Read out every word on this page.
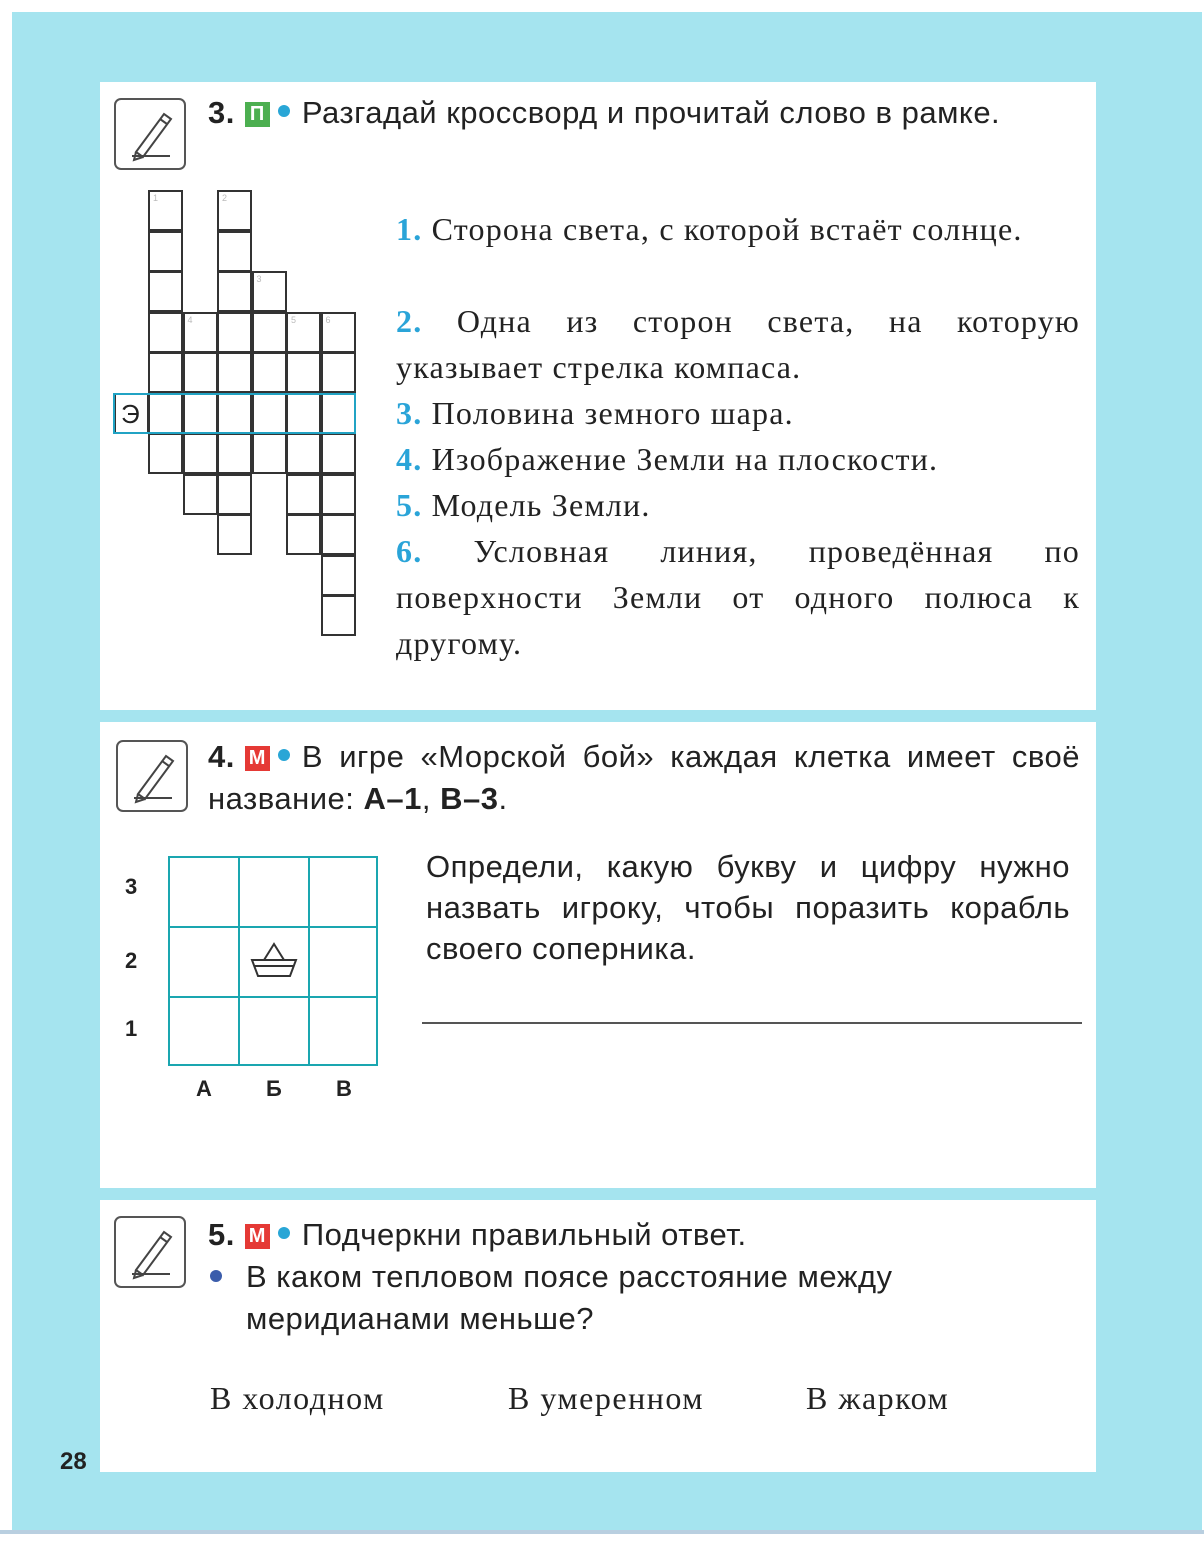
3. П Разгадай кроссворд и прочитай слово в рамке.
1	2
3
4	5	6
Э
1. Сторона света, с которой встаёт солнце.
2. Одна из сторон света, на которую указывает стрелка компаса.
3. Половина земного шара.
4. Изображение Земли на плоскости.
5. Модель Земли.
6. Условная линия, проведённая по поверхности Земли от одного полюса к другому.
4. М В игре «Морской бой» каждая клетка имеет своё название: А–1, В–3.
3
2
1
А Б В
Определи, какую букву и цифру нужно назвать игроку, чтобы поразить корабль своего соперника.
5. М Подчеркни правильный ответ.
В каком тепловом поясе расстояние между меридианами меньше?
В холодном	В умеренном	В жарком
28
